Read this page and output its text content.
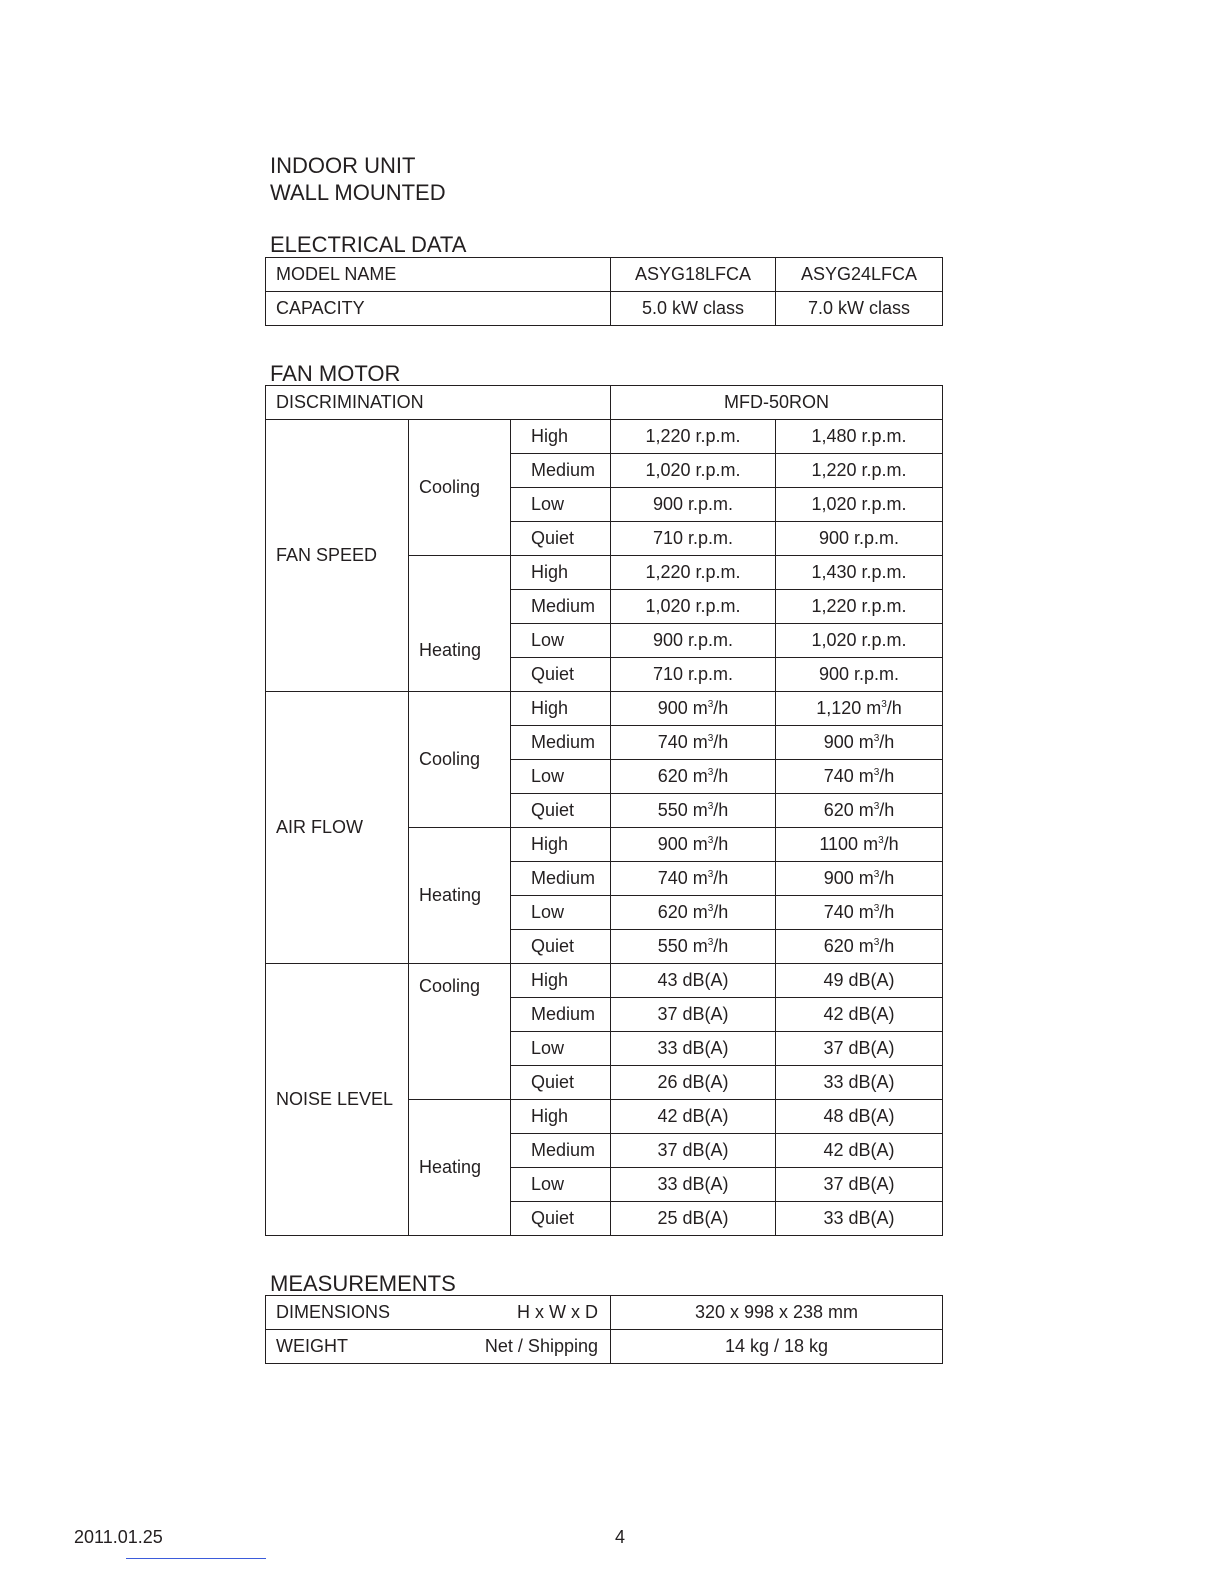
INDOOR UNIT
WALL MOUNTED
ELECTRICAL DATA
MODEL NAME	ASYG18LFCA	ASYG24LFCA
CAPACITY	5.0 kW class	7.0 kW class
FAN MOTOR
DISCRIMINATION			MFD-50RON	
FAN SPEED	Cooling	High	1,220 r.p.m.	1,480 r.p.m.
		Medium	1,020 r.p.m.	1,220 r.p.m.
		Low	900 r.p.m.	1,020 r.p.m.
		Quiet	710 r.p.m.	900 r.p.m.
	Heating	High	1,220 r.p.m.	1,430 r.p.m.
		Medium	1,020 r.p.m.	1,220 r.p.m.
		Low	900 r.p.m.	1,020 r.p.m.
		Quiet	710 r.p.m.	900 r.p.m.
AIR FLOW	Cooling	High	900 $m^3/h$	1,120 $m^3/h$
		Medium	740 $m^3/h$	900 $m^3/h$
		Low	620 $m^3/h$	740 $m^3/h$
		Quiet	550 $m^3/h$	620 $m^3/h$
	Heating	High	900 $m^3/h$	1100 $m^3/h$
		Medium	740 $m^3/h$	900 $m^3/h$
		Low	620 $m^3/h$	740 $m^3/h$
		Quiet	550 $m^3/h$	620 $m^3/h$
NOISE LEVEL	Cooling	High	43 dB(A)	49 dB(A)
		Medium	37 dB(A)	42 dB(A)
		Low	33 dB(A)	37 dB(A)
		Quiet	26 dB(A)	33 dB(A)
	Heating	High	42 dB(A)	48 dB(A)
		Medium	37 dB(A)	42 dB(A)
		Low	33 dB(A)	37 dB(A)
		Quiet	25 dB(A)	33 dB(A)
MEASUREMENTS
DIMENSIONS H x W x D	320 x 998 x 238 mm
WEIGHT Net / Shipping	14 kg / 18 kg
2011.01.25	4
